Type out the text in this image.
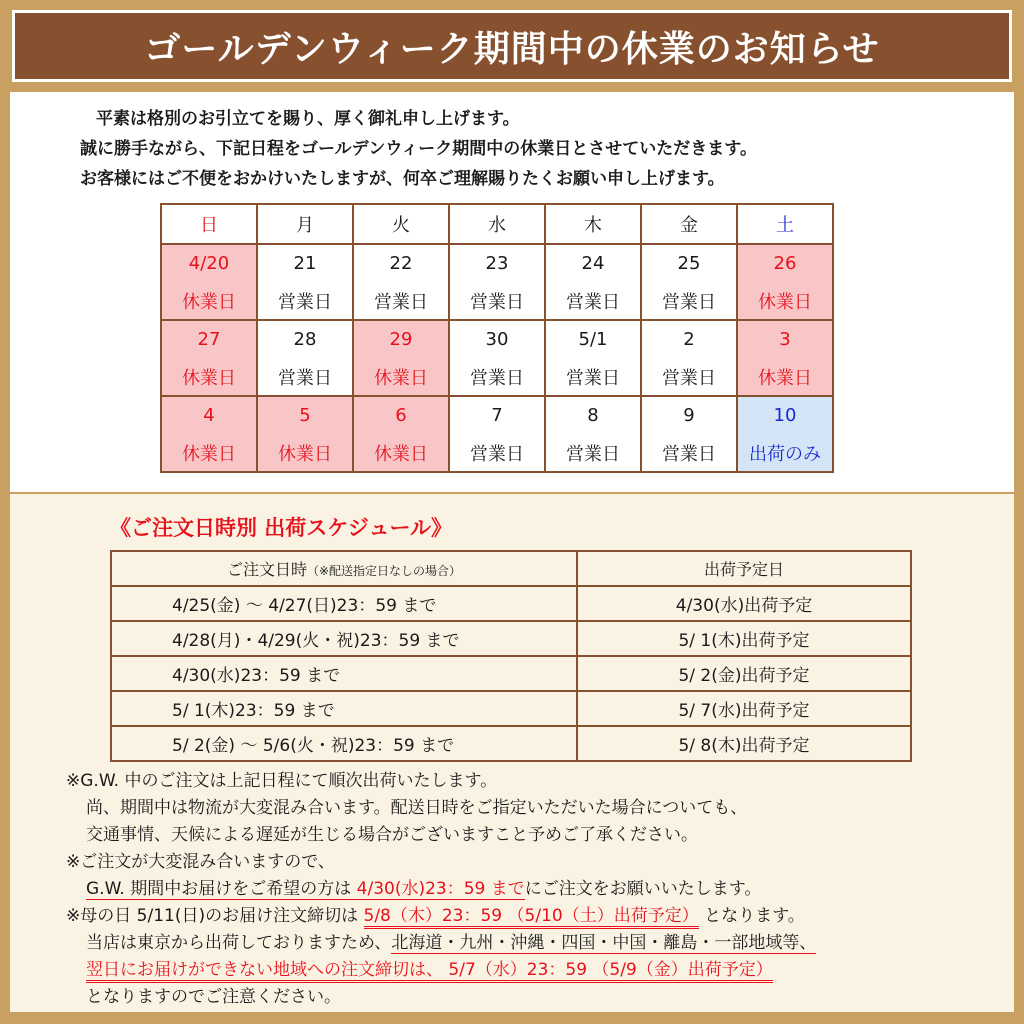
ゴールデンウィーク期間中の休業のお知らせ
平素は格別のお引立てを賜り、厚く御礼申し上げます。
誠に勝手ながら、下記日程をゴールデンウィーク期間中の休業日とさせていただきます。
お客様にはご不便をおかけいたしますが、何卒ご理解賜りたくお願い申し上げます。
日	月	火	水	木	金	土
4/20	21	22	23	24	25	26
休業日	営業日	営業日	営業日	営業日	営業日	休業日
27	28	29	30	5/1	2	3
休業日	営業日	休業日	営業日	営業日	営業日	休業日
4	5	6	7	8	9	10
休業日	休業日	休業日	営業日	営業日	営業日	出荷のみ
《ご注文日時別 出荷スケジュール》
ご注文日時（※配送指定日なしの場合）	出荷予定日
4/25(金) ～ 4/27(日)23：59 まで	4/30(水)出荷予定
4/28(月)・4/29(火・祝)23：59 まで	5/ 1(木)出荷予定
4/30(水)23：59 まで	5/ 2(金)出荷予定
5/ 1(木)23：59 まで	5/ 7(水)出荷予定
5/ 2(金) ～ 5/6(火・祝)23：59 まで	5/ 8(木)出荷予定
※G.W. 中のご注文は上記日程にて順次出荷いたします。
尚、期間中は物流が大変混み合います。配送日時をご指定いただいた場合についても、
交通事情、天候による遅延が生じる場合がございますこと予めご了承ください。
※ご注文が大変混み合いますので、
G.W. 期間中お届けをご希望の方は 4/30(水)23：59 までにご注文をお願いいたします。
※母の日 5/11(日)のお届け注文締切は 5/8（木）23：59 （5/10（土）出荷予定） となります。
当店は東京から出荷しておりますため、北海道・九州・沖縄・四国・中国・離島・一部地域等、
翌日にお届けができない地域への注文締切は、 5/7（水）23：59 （5/9（金）出荷予定）
となりますのでご注意ください。
